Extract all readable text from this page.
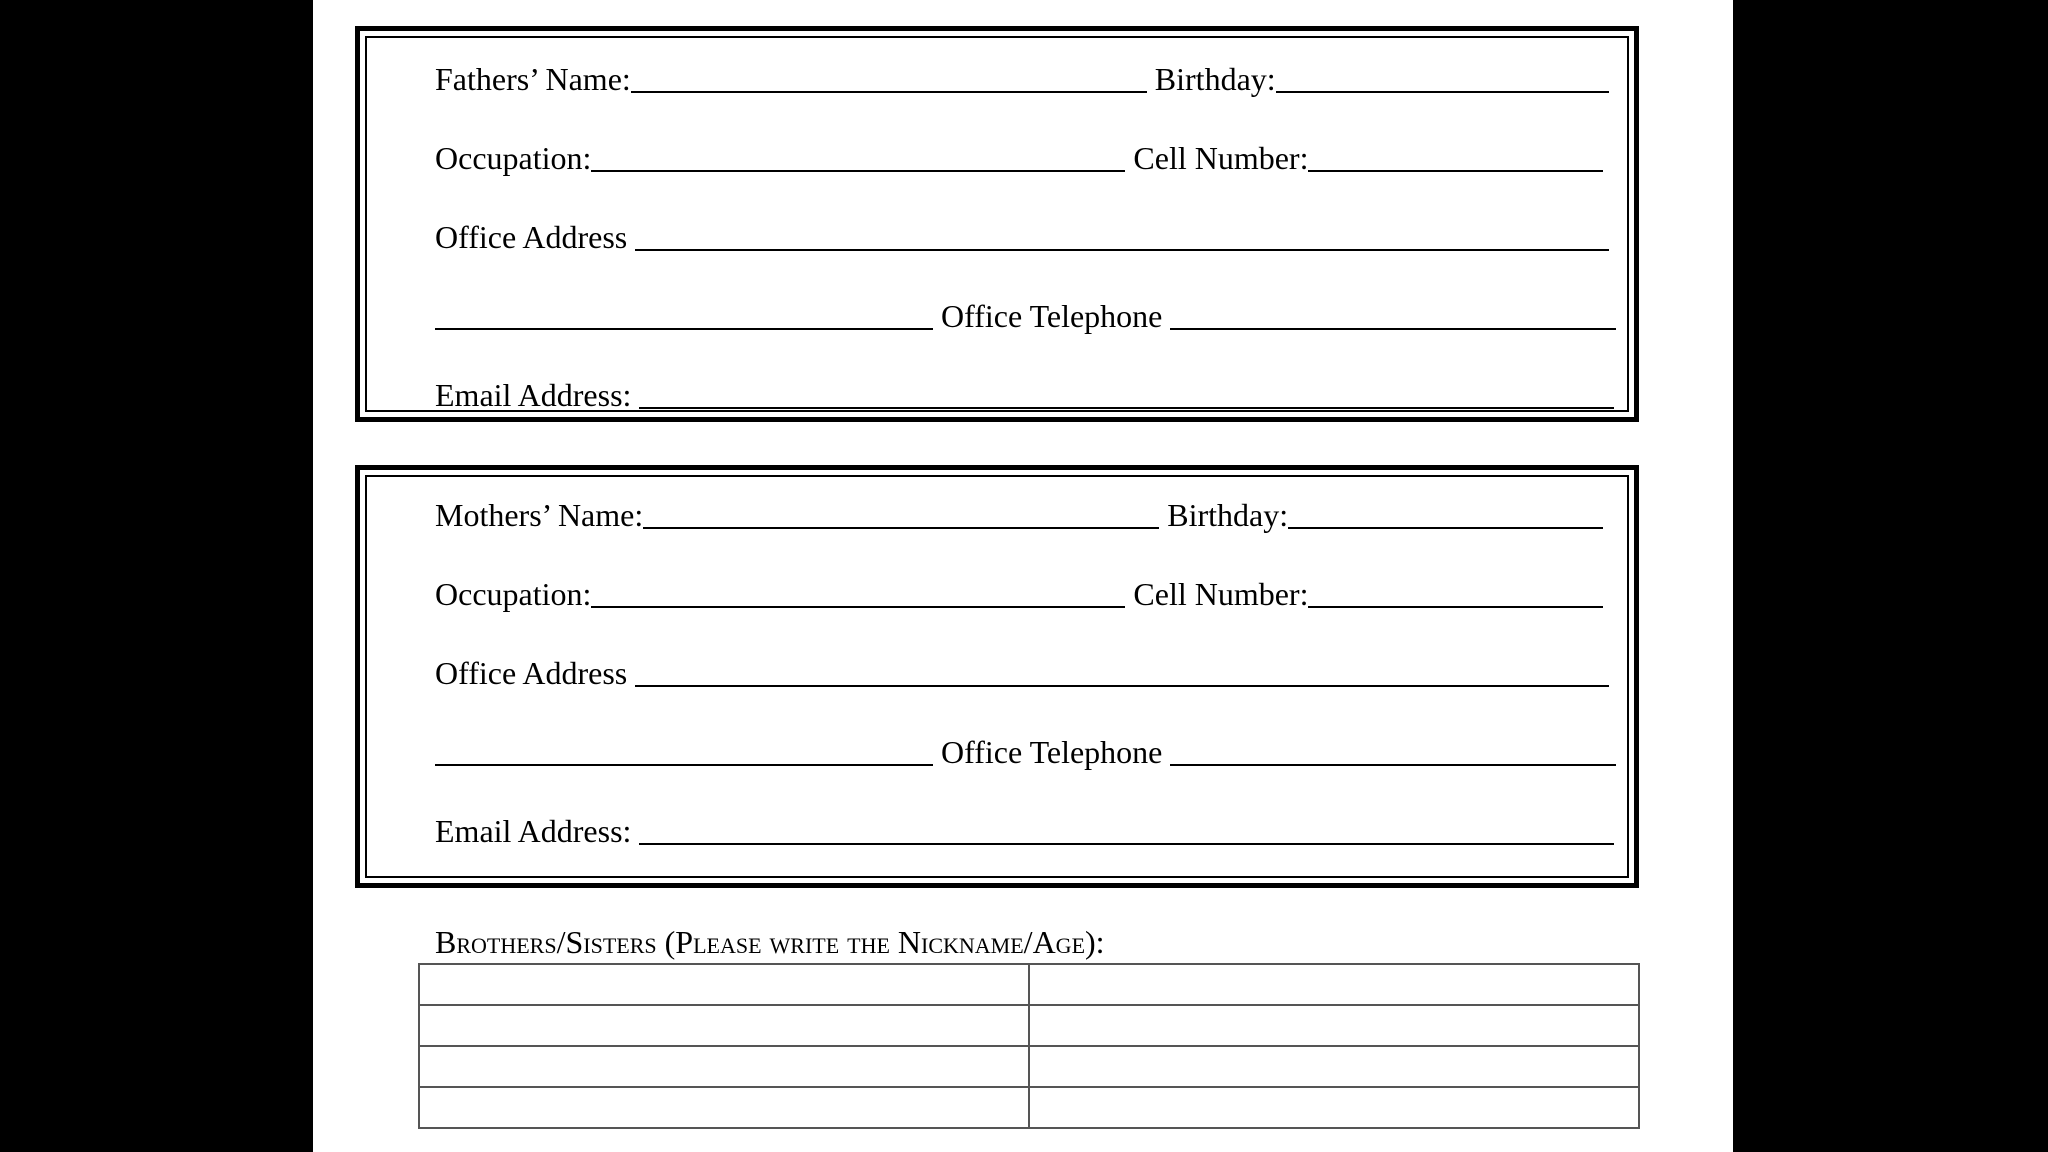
Fathers’ Name:	Birthday:
Occupation:	Cell Number:
Office Address
Office Telephone
Email Address:
Mothers’ Name:	Birthday:
Occupation:	Cell Number:
Office Address
Office Telephone
Email Address:
Brothers/Sisters (Please write the Nickname/Age):
